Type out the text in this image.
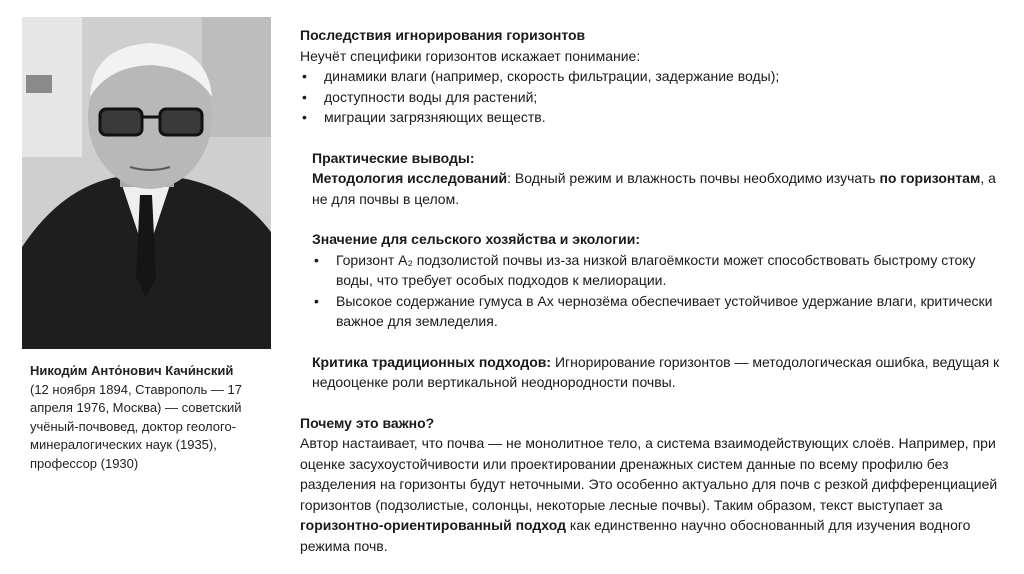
Никоди́м Анто́нович Качи́нский
(12 ноября 1894, Ставрополь — 17 апреля 1976, Москва) — советский учёный-почвовед, доктор геолого-минералогических наук (1935), профессор (1930)
Последствия игнорирования горизонтов
Неучёт специфики горизонтов искажает понимание:
• динамики влаги (например, скорость фильтрации, задержание воды);
• доступности воды для растений;
• миграции загрязняющих веществ.
Практические выводы:
Методология исследований: Водный режим и влажность почвы необходимо изучать по горизонтам, а не для почвы в целом.
Значение для сельского хозяйства и экологии:
• Горизонт A₂ подзолистой почвы из-за низкой влагоёмкости может способствовать быстрому стоку воды, что требует особых подходов к мелиорации.
• Высокое содержание гумуса в Ах чернозёма обеспечивает устойчивое удержание влаги, критически важное для земледелия.
Критика традиционных подходов: Игнорирование горизонтов — методологическая ошибка, ведущая к недооценке роли вертикальной неоднородности почвы.
Почему это важно?
Автор настаивает, что почва — не монолитное тело, а система взаимодействующих слоёв. Например, при оценке засухоустойчивости или проектировании дренажных систем данные по всему профилю без разделения на горизонты будут неточными. Это особенно актуально для почв с резкой дифференциацией горизонтов (подзолистые, солонцы, некоторые лесные почвы). Таким образом, текст выступает за горизонтно-ориентированный подход как единственно научно обоснованный для изучения водного режима почв.
